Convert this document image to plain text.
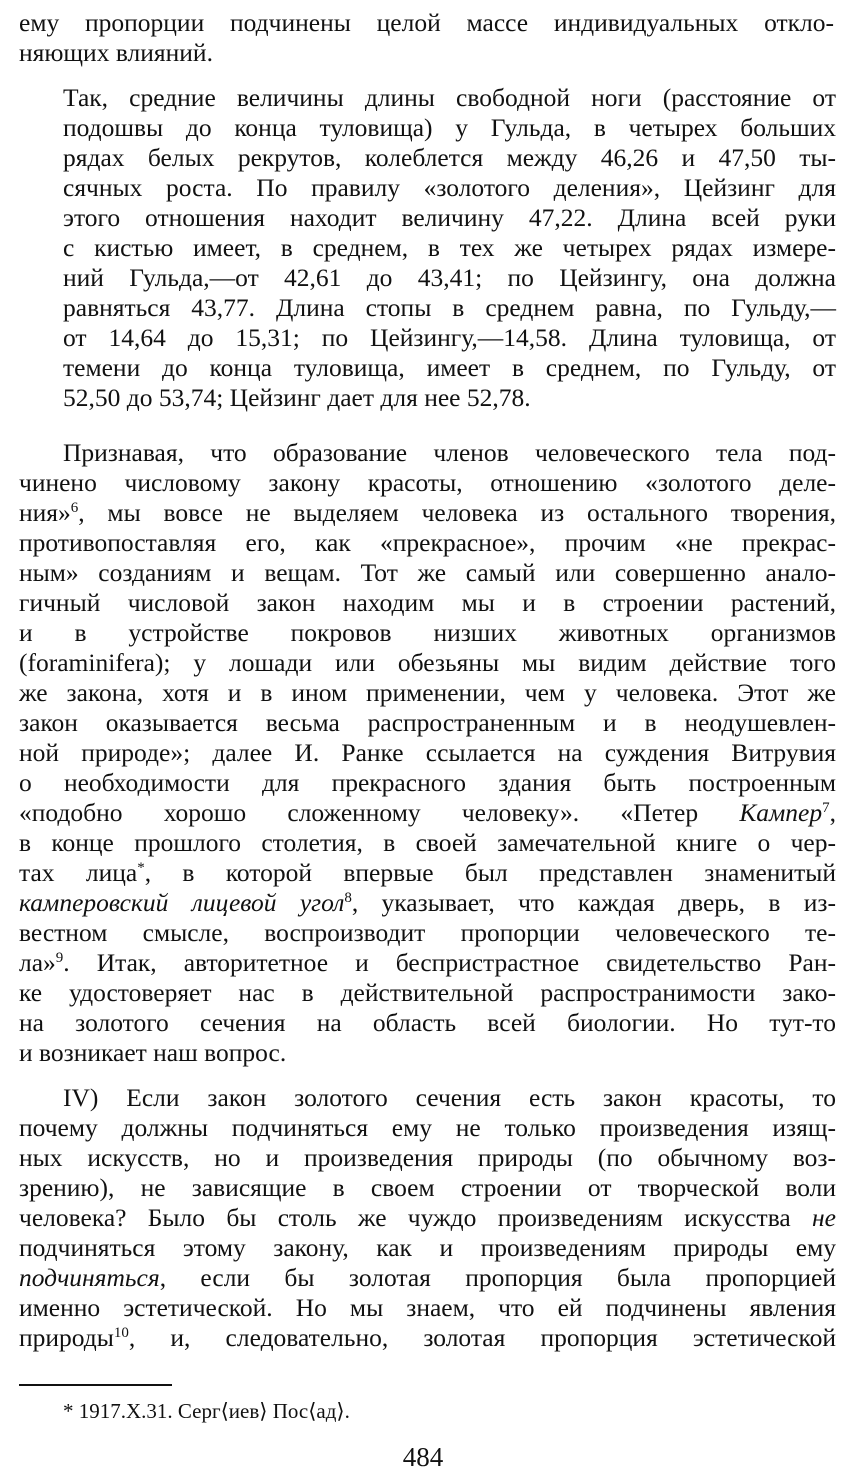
ему пропорции подчинены целой массе индивидуальных откло-
няющих влияний.
Так, средние величины длины свободной ноги (расстояние от
подошвы до конца туловища) у Гульда, в четырех больших
рядах белых рекрутов, колеблется между 46,26 и 47,50 ты-
сячных роста. По правилу «золотого деления», Цейзинг для
этого отношения находит величину 47,22. Длина всей руки
с кистью имеет, в среднем, в тех же четырех рядах измере-
ний Гульда,—от 42,61 до 43,41; по Цейзингу, она должна
равняться 43,77. Длина стопы в среднем равна, по Гульду,—
от 14,64 до 15,31; по Цейзингу,—14,58. Длина туловища, от
темени до конца туловища, имеет в среднем, по Гульду, от
52,50 до 53,74; Цейзинг дает для нее 52,78.
Признавая, что образование членов человеческого тела под-
чинено числовому закону красоты, отношению «золотого деле-
ния»$^6$, мы вовсе не выделяем человека из остального творения,
противопоставляя его, как «прекрасное», прочим «не прекрас-
ным» созданиям и вещам. Тот же самый или совершенно анало-
гичный числовой закон находим мы и в строении растений,
и в устройстве покровов низших животных организмов
(foraminifera); у лошади или обезьяны мы видим действие того
же закона, хотя и в ином применении, чем у человека. Этот же
закон оказывается весьма распространенным и в неодушевлен-
ной природе»; далее И. Ранке ссылается на суждения Витрувия
о необходимости для прекрасного здания быть построенным
«подобно хорошо сложенному человеку». «Петер Кампер$^7$,
в конце прошлого столетия, в своей замечательной книге о чер-
тах лица*, в которой впервые был представлен знаменитый
камперовский лицевой угол$^8$, указывает, что каждая дверь, в из-
вестном смысле, воспроизводит пропорции человеческого те-
ла»$^9$. Итак, авторитетное и беспристрастное свидетельство Ран-
ке удостоверяет нас в действительной распространимости зако-
на золотого сечения на область всей биологии. Но тут-то
и возникает наш вопрос.
IV) Если закон золотого сечения есть закон красоты, то
почему должны подчиняться ему не только произведения изящ-
ных искусств, но и произведения природы (по обычному воз-
зрению), не зависящие в своем строении от творческой воли
человека? Было бы столь же чуждо произведениям искусства не
подчиняться этому закону, как и произведениям природы ему
подчиняться, если бы золотая пропорция была пропорцией
именно эстетической. Но мы знаем, что ей подчинены явления
природы$^{10}$, и, следовательно, золотая пропорция эстетической
* 1917.X.31. Серг⟨иев⟩ Пос⟨ад⟩.
484
